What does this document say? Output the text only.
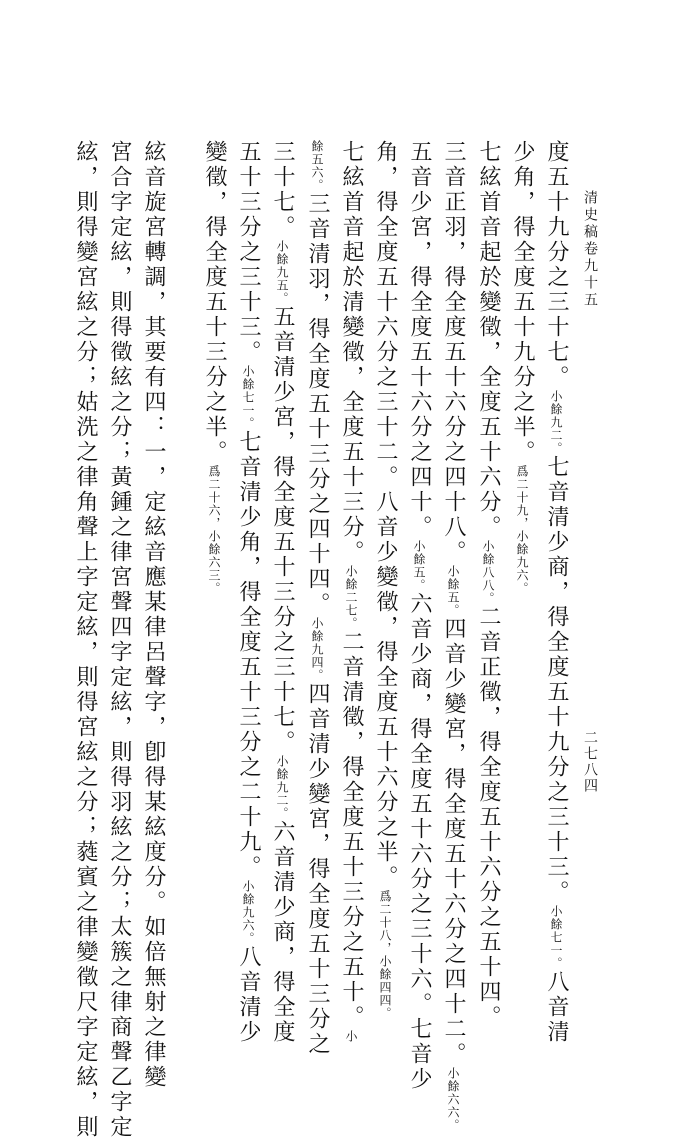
清史稿卷九十五
二七八四
度五十九分之三十七。小餘九二。七音清少商，得全度五十九分之三十三。小餘七一。八音清
少角，得全度五十九分之半。爲二十九，小餘九六。
七絃首音起於變徵，全度五十六分。小餘八八。二音正徵，得全度五十六分之五十四。
三音正羽，得全度五十六分之四十八。小餘五。四音少變宮，得全度五十六分之四十二。小餘六六。
五音少宮，得全度五十六分之四十。小餘五。六音少商，得全度五十六分之三十六。七音少
角，得全度五十六分之三十二。八音少變徵，得全度五十六分之半。爲二十八，小餘四四。
七絃首音起於清變徵，全度五十三分。小餘二七。二音清徵，得全度五十三分之五十。小
餘五六。三音清羽，得全度五十三分之四十四。小餘九四。四音清少變宮，得全度五十三分之
三十七。小餘九五。五音清少宮，得全度五十三分之三十七。小餘九二。六音清少商，得全度
五十三分之三十三。小餘七一。七音清少角，得全度五十三分之二十九。小餘九六。八音清少
變徵，得全度五十三分之半。爲二十六，小餘六三。
絃音旋宮轉調，其要有四：一，定絃音應某律呂聲字，卽得某絃度分。如倍無射之律變
宮合字定絃，則得徵絃之分；黃鍾之律宮聲四字定絃，則得羽絃之分；太簇之律商聲乙字定
絃，則得變宮絃之分；姑洗之律角聲上字定絃，則得宮絃之分；蕤賓之律變徵尺字定絃，則
